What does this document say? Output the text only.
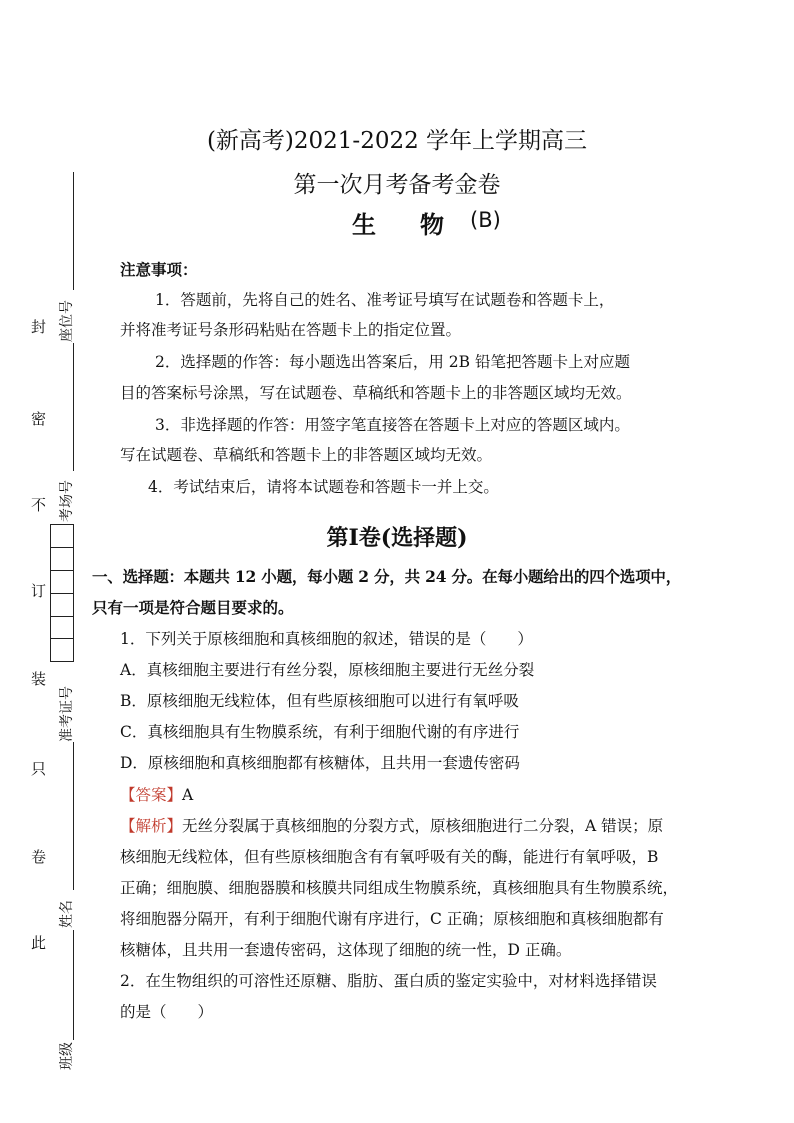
封
密
不
订
装
只
卷
此
座位号
考场号
准考证号
姓名
班级
(新高考)2021-2022 学年上学期高三
第一次月考备考金卷
生 物 (B)
注意事项：
1．答题前，先将自己的姓名、准考证号填写在试题卷和答题卡上，
并将准考证号条形码粘贴在答题卡上的指定位置。
2．选择题的作答：每小题选出答案后，用 2B 铅笔把答题卡上对应题
目的答案标号涂黑，写在试题卷、草稿纸和答题卡上的非答题区域均无效。
3．非选择题的作答：用签字笔直接答在答题卡上对应的答题区域内。
写在试题卷、草稿纸和答题卡上的非答题区域均无效。
4．考试结束后，请将本试题卷和答题卡一并上交。
第Ⅰ卷(选择题)
一、选择题：本题共 12 小题，每小题 2 分，共 24 分。在每小题给出的四个选项中，
只有一项是符合题目要求的。
1．下列关于原核细胞和真核细胞的叙述，错误的是（　　）
A．真核细胞主要进行有丝分裂，原核细胞主要进行无丝分裂
B．原核细胞无线粒体，但有些原核细胞可以进行有氧呼吸
C．真核细胞具有生物膜系统，有利于细胞代谢的有序进行
D．原核细胞和真核细胞都有核糖体，且共用一套遗传密码
【答案】A
【解析】无丝分裂属于真核细胞的分裂方式，原核细胞进行二分裂，A 错误；原
核细胞无线粒体，但有些原核细胞含有有氧呼吸有关的酶，能进行有氧呼吸，B
正确；细胞膜、细胞器膜和核膜共同组成生物膜系统，真核细胞具有生物膜系统，
将细胞器分隔开，有利于细胞代谢有序进行，C 正确；原核细胞和真核细胞都有
核糖体，且共用一套遗传密码，这体现了细胞的统一性，D 正确。
2．在生物组织的可溶性还原糖、脂肪、蛋白质的鉴定实验中，对材料选择错误
的是（　　）
